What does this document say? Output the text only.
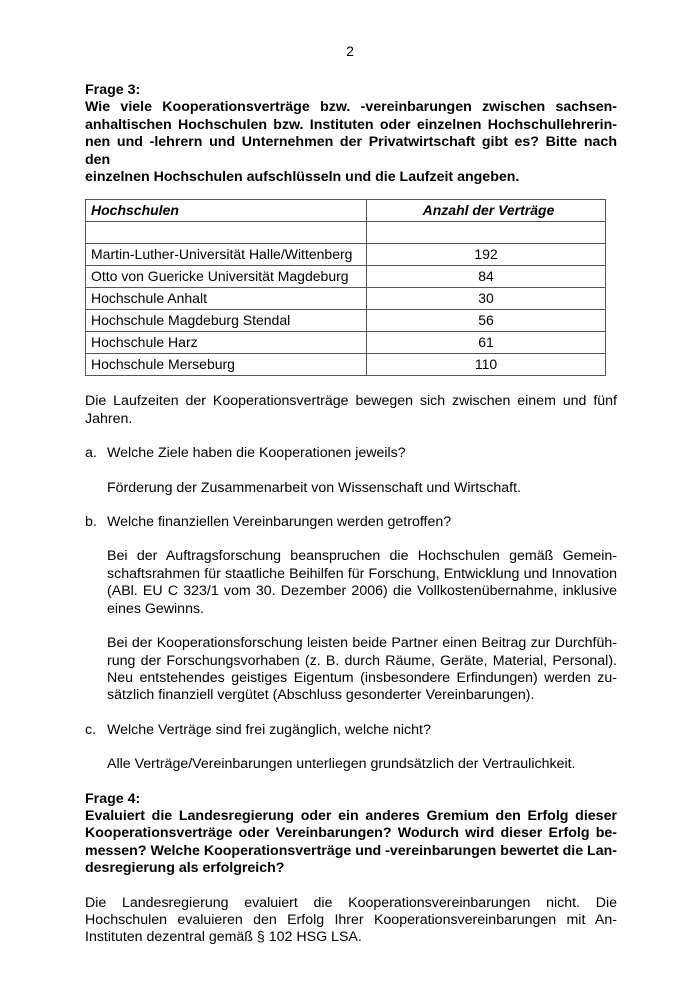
2

Frage 3:

Wie viele Kooperationsverträge bzw. -vereinbarungen zwischen sachsen-
anhaltischen Hochschulen bzw. Instituten oder einzelnen Hochschullehrerin-
nen und -lehrern und Unternehmen der Privatwirtschaft gibt es? Bitte nach den
einzelnen Hochschulen aufschlüsseln und die Laufzeit angeben.

Hochschulen	Anzahl der Verträge

Martin-Luther-Universität Halle/Wittenberg	192
Otto von Guericke Universität Magdeburg	84
Hochschule Anhalt	30
Hochschule Magdeburg Stendal	56
Hochschule Harz	61
Hochschule Merseburg	110

Die Laufzeiten der Kooperationsverträge bewegen sich zwischen einem und fünf Jahren.

a. Welche Ziele haben die Kooperationen jeweils?

Förderung der Zusammenarbeit von Wissenschaft und Wirtschaft.

b. Welche finanziellen Vereinbarungen werden getroffen?

Bei der Auftragsforschung beanspruchen die Hochschulen gemäß Gemeinschaftsrahmen für staatliche Beihilfen für Forschung, Entwicklung und Innovation (ABl. EU C 323/1 vom 30. Dezember 2006) die Vollkostenübernahme, inklusive eines Gewinns.

Bei der Kooperationsforschung leisten beide Partner einen Beitrag zur Durchführung der Forschungsvorhaben (z. B. durch Räume, Geräte, Material, Personal). Neu entstehendes geistiges Eigentum (insbesondere Erfindungen) werden zusätzlich finanziell vergütet (Abschluss gesonderter Vereinbarungen).

c. Welche Verträge sind frei zugänglich, welche nicht?

Alle Verträge/Vereinbarungen unterliegen grundsätzlich der Vertraulichkeit.

Frage 4:

Evaluiert die Landesregierung oder ein anderes Gremium den Erfolg dieser Kooperationsverträge oder Vereinbarungen? Wodurch wird dieser Erfolg bemessen? Welche Kooperationsverträge und -vereinbarungen bewertet die Landesregierung als erfolgreich?

Die Landesregierung evaluiert die Kooperationsvereinbarungen nicht. Die Hochschulen evaluieren den Erfolg Ihrer Kooperationsvereinbarungen mit An-Instituten dezentral gemäß § 102 HSG LSA.
